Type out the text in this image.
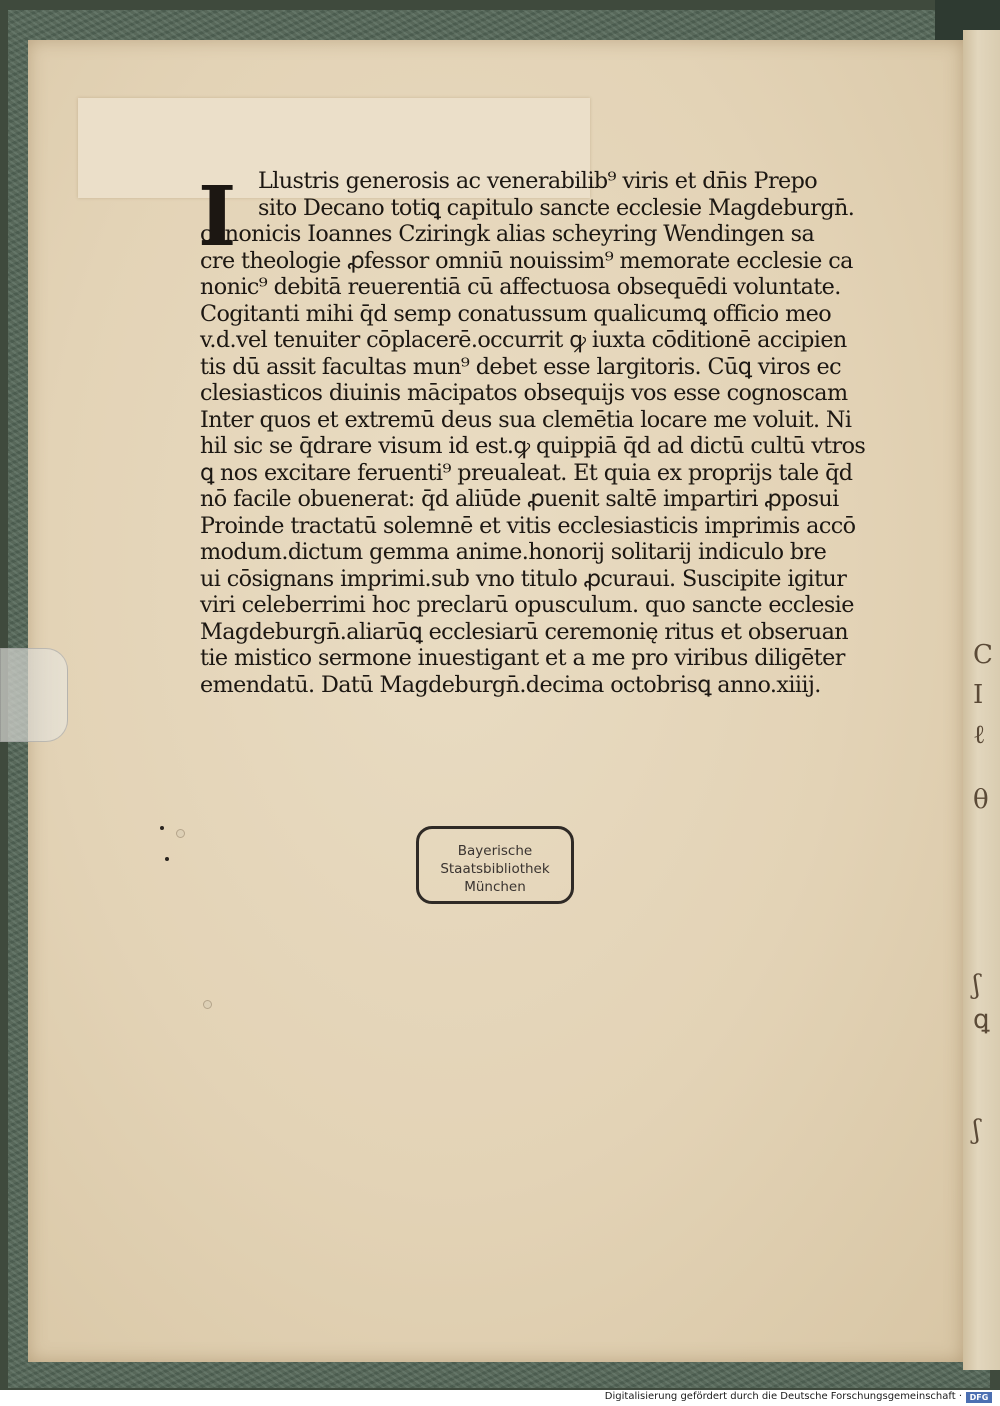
C
I
ℓ
θ
ʃ
ꝗ
ʃ
I Llustris generosis ac venerabilib⁹ viris et dn̄is Prepo
sito Decano totiꝗ capitulo sancte ecclesie Magdeburgn̄.
canonicis Ioannes Cziringk alias scheyring Wendingen sa
cre theologie ꝓfessor omniū nouissim⁹ memorate ecclesie ca
nonic⁹ debitā reuerentiā cū affectuosa obsequēdi voluntate.
Cogitanti mihi q̄d semp conatussum qualicumꝗ officio meo
v.d.vel tenuiter cōplacerē.occurrit ꝙ iuxta cōditionē accipien
tis dū assit facultas mun⁹ debet esse largitoris. Cūꝗ viros ec
clesiasticos diuinis mācipatos obsequijs vos esse cognoscam
Inter quos et extremū deus sua clemētia locare me voluit. Ni
hil sic se q̄drare visum id est.ꝙ quippiā q̄d ad dictū cultū vtros
ꝗ nos excitare feruenti⁹ preualeat. Et quia ex proprijs tale q̄d
nō facile obuenerat: q̄d aliūde ꝓuenit saltē impartiri ꝓposui
Proinde tractatū solemnē et vitis ecclesiasticis imprimis accō
modum.dictum gemma anime.honorij solitarij indiculo bre
ui cōsignans imprimi.sub vno titulo ꝓcuraui. Suscipite igitur
viri celeberrimi hoc preclarū opusculum. quo sancte ecclesie
Magdeburgn̄.aliarūꝗ ecclesiarū ceremonię ritus et obseruan
tie mistico sermone inuestigant et a me pro viribus diligēter
emendatū. Datū Magdeburgn̄.decima octobrisꝗ anno.xiiij.
Bayerische
Staatsbibliothek
München
Digitalisierung gefördert durch die Deutsche Forschungsgemeinschaft · DFG
